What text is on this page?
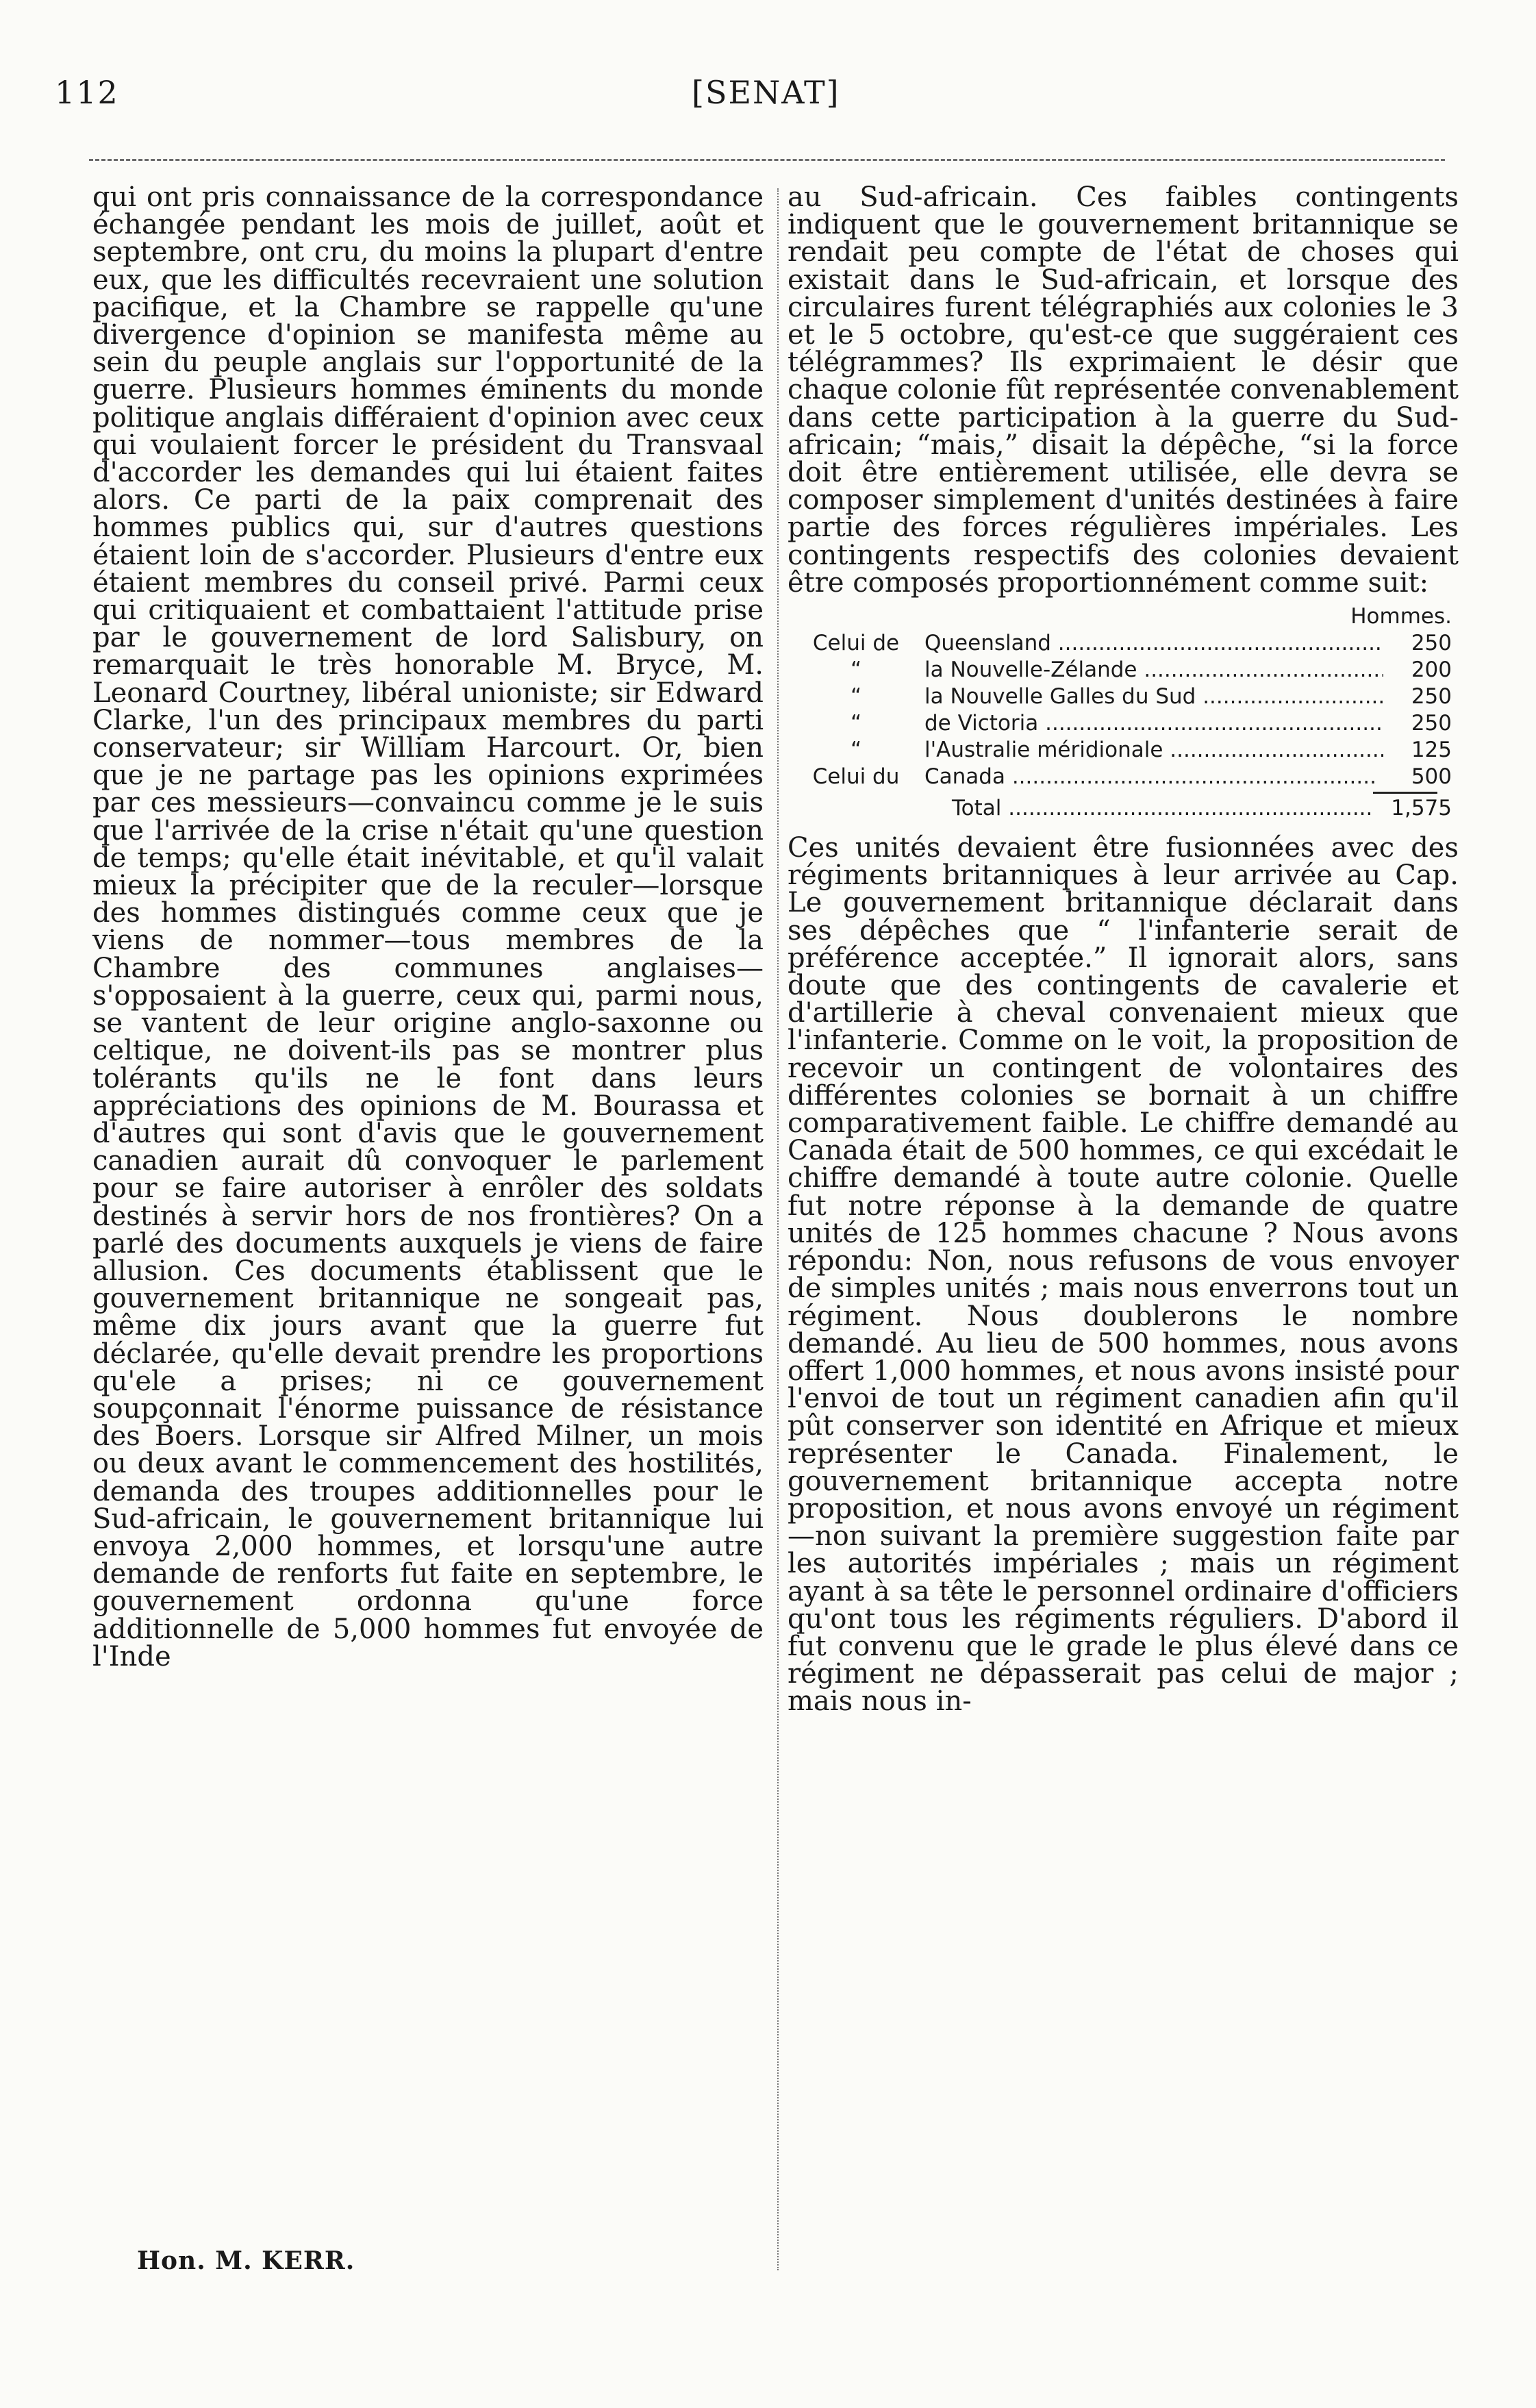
112	[SENAT]

qui ont pris connaissance de la correspondance échangée pendant les mois de juillet, août et septembre, ont cru, du moins la plupart d'entre eux, que les difficultés recevraient une solution pacifique, et la Chambre se rappelle qu'une divergence d'opinion se manifesta même au sein du peuple anglais sur l'opportunité de la guerre. Plusieurs hommes éminents du monde politique anglais différaient d'opinion avec ceux qui voulaient forcer le président du Transvaal d'accorder les demandes qui lui étaient faites alors. Ce parti de la paix comprenait des hommes publics qui, sur d'autres questions étaient loin de s'accorder. Plusieurs d'entre eux étaient membres du conseil privé. Parmi ceux qui critiquaient et combattaient l'attitude prise par le gouvernement de lord Salisbury, on remarquait le très honorable M. Bryce, M. Leonard Courtney, libéral unioniste; sir Edward Clarke, l'un des principaux membres du parti conservateur; sir William Harcourt. Or, bien que je ne partage pas les opinions exprimées par ces messieurs—convaincu comme je le suis que l'arrivée de la crise n'était qu'une question de temps; qu'elle était inévitable, et qu'il valait mieux la précipiter que de la reculer—lorsque des hommes distingués comme ceux que je viens de nommer—tous membres de la Chambre des communes anglaises—s'opposaient à la guerre, ceux qui, parmi nous, se vantent de leur origine anglo-saxonne ou celtique, ne doivent-ils pas se montrer plus tolérants qu'ils ne le font dans leurs appréciations des opinions de M. Bourassa et d'autres qui sont d'avis que le gouvernement canadien aurait dû convoquer le parlement pour se faire autoriser à enrôler des soldats destinés à servir hors de nos frontières? On a parlé des documents auxquels je viens de faire allusion. Ces documents établissent que le gouvernement britannique ne songeait pas, même dix jours avant que la guerre fut déclarée, qu'elle devait prendre les proportions qu'ele a prises; ni ce gouvernement soupçonnait l'énorme puissance de résistance des Boers. Lorsque sir Alfred Milner, un mois ou deux avant le commencement des hostilités, demanda des troupes additionnelles pour le Sud-africain, le gouvernement britannique lui envoya 2,000 hommes, et lorsqu'une autre demande de renforts fut faite en septembre, le gouvernement ordonna qu'une force additionnelle de 5,000 hommes fut envoyée de l'Inde

au Sud-africain. Ces faibles contingents indiquent que le gouvernement britannique se rendait peu compte de l'état de choses qui existait dans le Sud-africain, et lorsque des circulaires furent télégraphiés aux colonies le 3 et le 5 octobre, qu'est-ce que suggéraient ces télégrammes? Ils exprimaient le désir que chaque colonie fût représentée convenablement dans cette participation à la guerre du Sud-africain; “mais,” disait la dépêche, “si la force doit être entièrement utilisée, elle devra se composer simplement d'unités destinées à faire partie des forces régulières impériales. Les contingents respectifs des colonies devaient être composés proportionnément comme suit:

Hommes.
Celui de	Queensland .....	250
“	la Nouvelle-Zélande .....	200
“	la Nouvelle Galles du Sud .....	250
“	de Victoria .....	250
“	l'Australie méridionale .....	125
Celui du	Canada .....	500
Total .....	1,575

Ces unités devaient être fusionnées avec des régiments britanniques à leur arrivée au Cap. Le gouvernement britannique déclarait dans ses dépêches que “ l'infanterie serait de préférence acceptée.” Il ignorait alors, sans doute que des contingents de cavalerie et d'artillerie à cheval convenaient mieux que l'infanterie. Comme on le voit, la proposition de recevoir un contingent de volontaires des différentes colonies se bornait à un chiffre comparativement faible. Le chiffre demandé au Canada était de 500 hommes, ce qui excédait le chiffre demandé à toute autre colonie. Quelle fut notre réponse à la demande de quatre unités de 125 hommes chacune ? Nous avons répondu: Non, nous refusons de vous envoyer de simples unités ; mais nous enverrons tout un régiment. Nous doublerons le nombre demandé. Au lieu de 500 hommes, nous avons offert 1,000 hommes, et nous avons insisté pour l'envoi de tout un régiment canadien afin qu'il pût conserver son identité en Afrique et mieux représenter le Canada. Finalement, le gouvernement britannique accepta notre proposition, et nous avons envoyé un régiment—non suivant la première suggestion faite par les autorités impériales ; mais un régiment ayant à sa tête le personnel ordinaire d'officiers qu'ont tous les régiments réguliers. D'abord il fut convenu que le grade le plus élevé dans ce régiment ne dépasserait pas celui de major ; mais nous in-

Hon. M. KERR.
